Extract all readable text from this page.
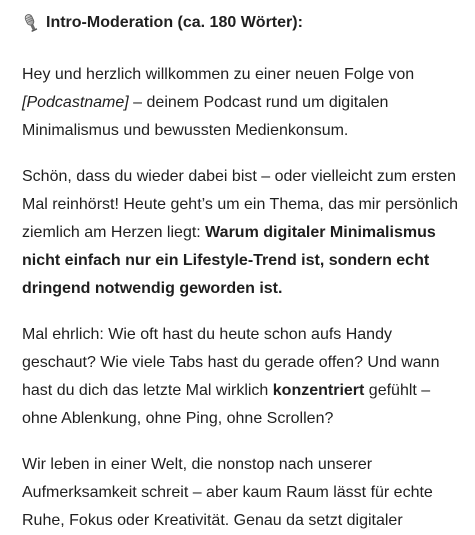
Intro-Moderation (ca. 180 Wörter):

Hey und herzlich willkommen zu einer neuen Folge von
[Podcastname] – deinem Podcast rund um digitalen
Minimalismus und bewussten Medienkonsum.

Schön, dass du wieder dabei bist – oder vielleicht zum ersten
Mal reinhörst! Heute geht’s um ein Thema, das mir persönlich
ziemlich am Herzen liegt: Warum digitaler Minimalismus
nicht einfach nur ein Lifestyle-Trend ist, sondern echt
dringend notwendig geworden ist.

Mal ehrlich: Wie oft hast du heute schon aufs Handy
geschaut? Wie viele Tabs hast du gerade offen? Und wann
hast du dich das letzte Mal wirklich konzentriert gefühlt –
ohne Ablenkung, ohne Ping, ohne Scrollen?

Wir leben in einer Welt, die nonstop nach unserer
Aufmerksamkeit schreit – aber kaum Raum lässt für echte
Ruhe, Fokus oder Kreativität. Genau da setzt digitaler
